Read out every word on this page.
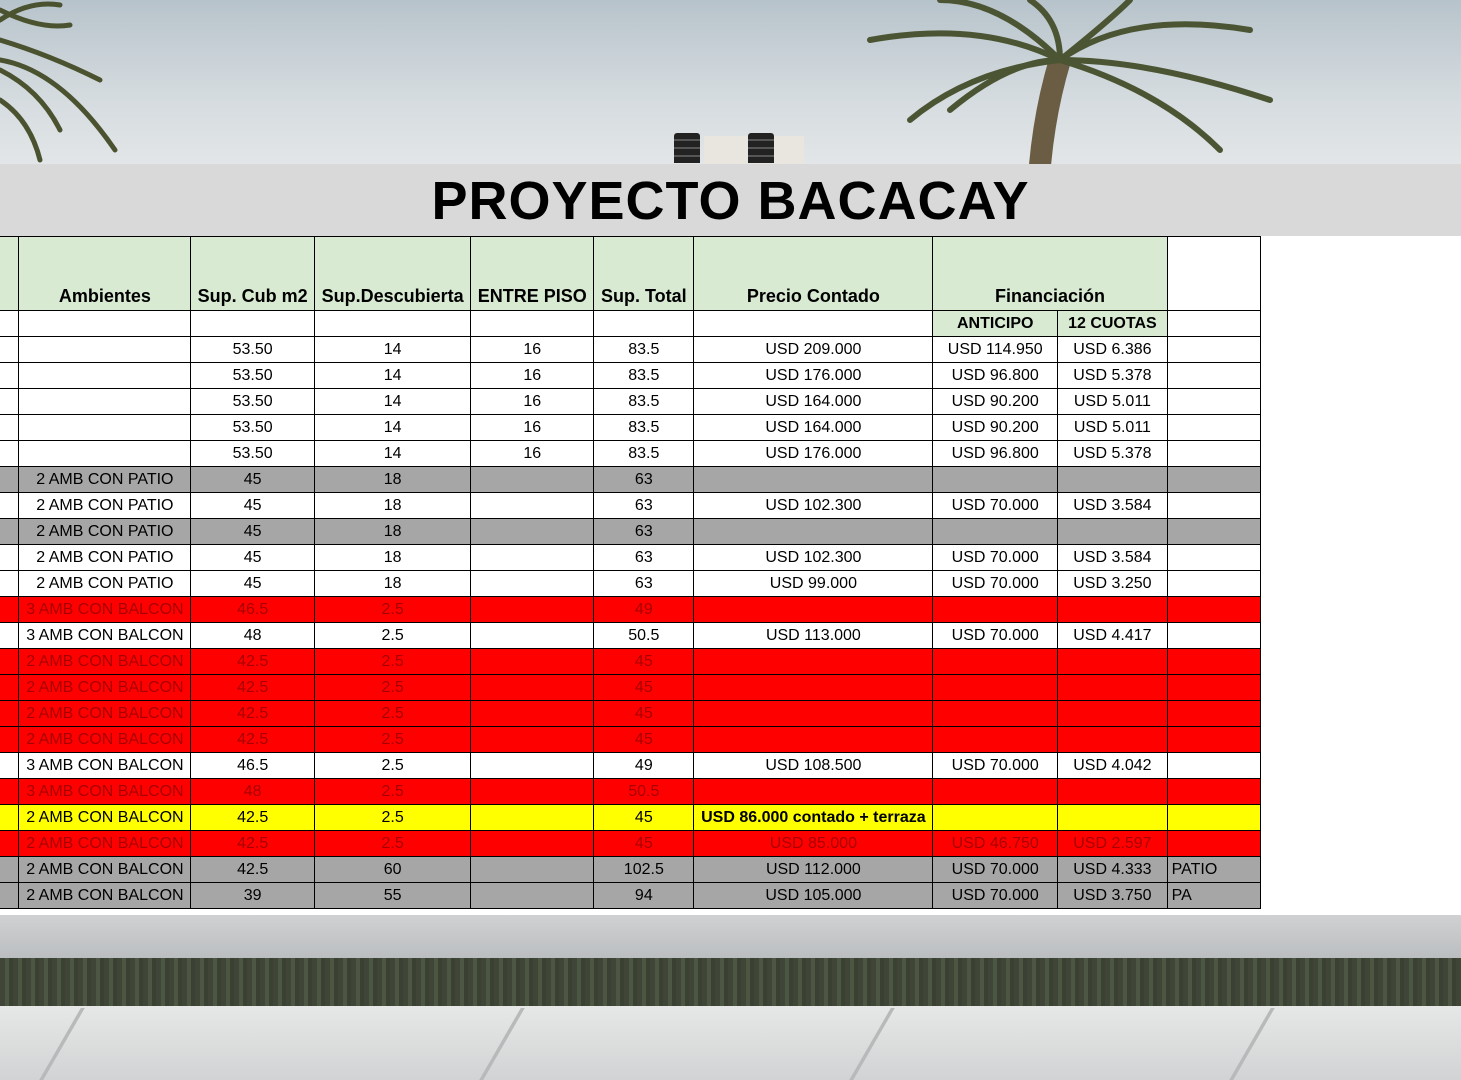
PROYECTO BACACAY
	Ambientes	Sup. Cub m2	Sup.Descubierta	ENTRE PISO	Sup. Total	Precio Contado	Financiación		
							ANTICIPO	12 CUOTAS	
		53.50	14	16	83.5	USD 209.000	USD 114.950	USD 6.386	
		53.50	14	16	83.5	USD 176.000	USD 96.800	USD 5.378	
		53.50	14	16	83.5	USD 164.000	USD 90.200	USD 5.011	
		53.50	14	16	83.5	USD 164.000	USD 90.200	USD 5.011	
		53.50	14	16	83.5	USD 176.000	USD 96.800	USD 5.378	
	2 AMB CON PATIO	45	18		63				
	2 AMB CON PATIO	45	18		63	USD 102.300	USD 70.000	USD 3.584	
	2 AMB CON PATIO	45	18		63				
	2 AMB CON PATIO	45	18		63	USD 102.300	USD 70.000	USD 3.584	
	2 AMB CON PATIO	45	18		63	USD 99.000	USD 70.000	USD 3.250	
	3 AMB CON BALCON	46.5	2.5		49				
	3 AMB CON BALCON	48	2.5		50.5	USD 113.000	USD 70.000	USD 4.417	
	2 AMB CON BALCON	42.5	2.5		45				
	2 AMB CON BALCON	42.5	2.5		45				
	2 AMB CON BALCON	42.5	2.5		45				
	2 AMB CON BALCON	42.5	2.5		45				
	3 AMB CON BALCON	46.5	2.5		49	USD 108.500	USD 70.000	USD 4.042	
	3 AMB CON BALCON	48	2.5		50.5				
	2 AMB CON BALCON	42.5	2.5		45	USD 86.000 contado + terraza			
	2 AMB CON BALCON	42.5	2.5		45	USD 85.000	USD 46.750	USD 2.597	
	2 AMB CON BALCON	42.5	60		102.5	USD 112.000	USD 70.000	USD 4.333	PATIO
	2 AMB CON BALCON	39	55		94	USD 105.000	USD 70.000	USD 3.750	PA
